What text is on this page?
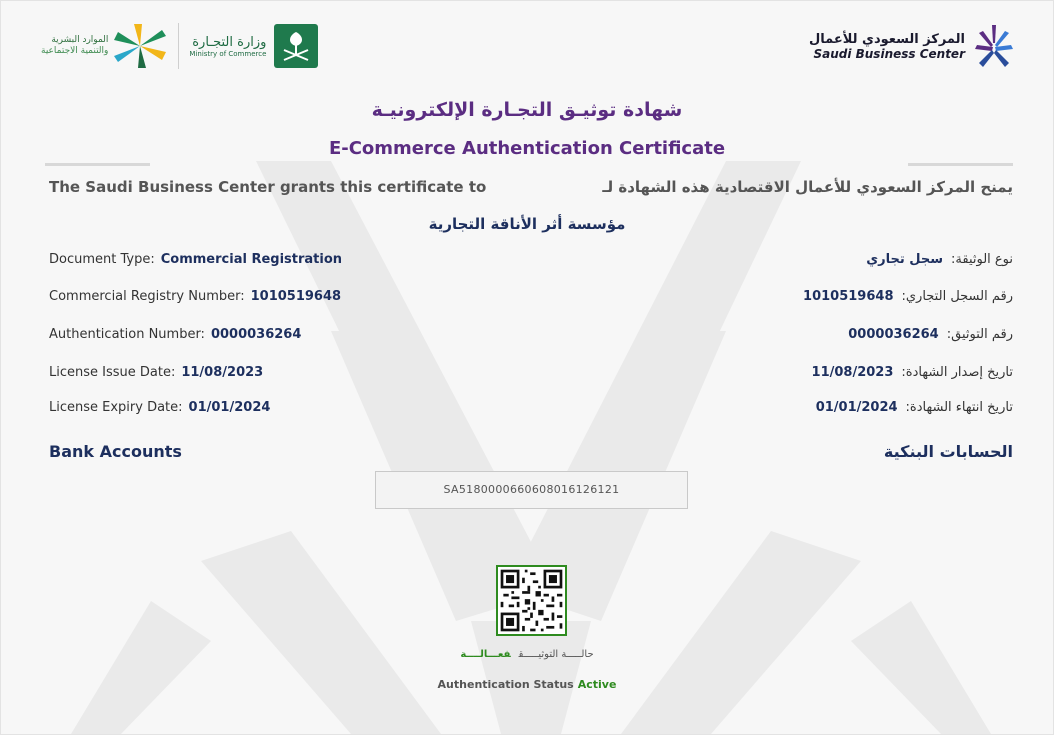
الموارد البشرية
والتنمية الاجتماعية
وزارة التجـارة
Ministry of Commerce
المركز السعودي للأعمال
Saudi Business Center
شهادة توثيـق التجـارة الإلكترونيـة
E-Commerce Authentication Certificate
The Saudi Business Center grants this certificate to	يمنح المركز السعودي للأعمال الاقتصادية هذه الشهادة لـ
مؤسسة أثر الأناقة التجارية
Document Type: Commercial Registration
Commercial Registry Number: 1010519648
Authentication Number: 0000036264
License Issue Date: 11/08/2023
License Expiry Date: 01/01/2024
نوع الوثيقة:سجل تجاري
رقم السجل التجاري:1010519648
رقم التوثيق:0000036264
تاريخ إصدار الشهادة:11/08/2023
تاريخ انتهاء الشهادة:01/01/2024
Bank Accounts	الحسابات البنكية
SA5180000660608016126121
حالـــــة التوثيـــــقفعـــالــــة
Authentication Status Active
